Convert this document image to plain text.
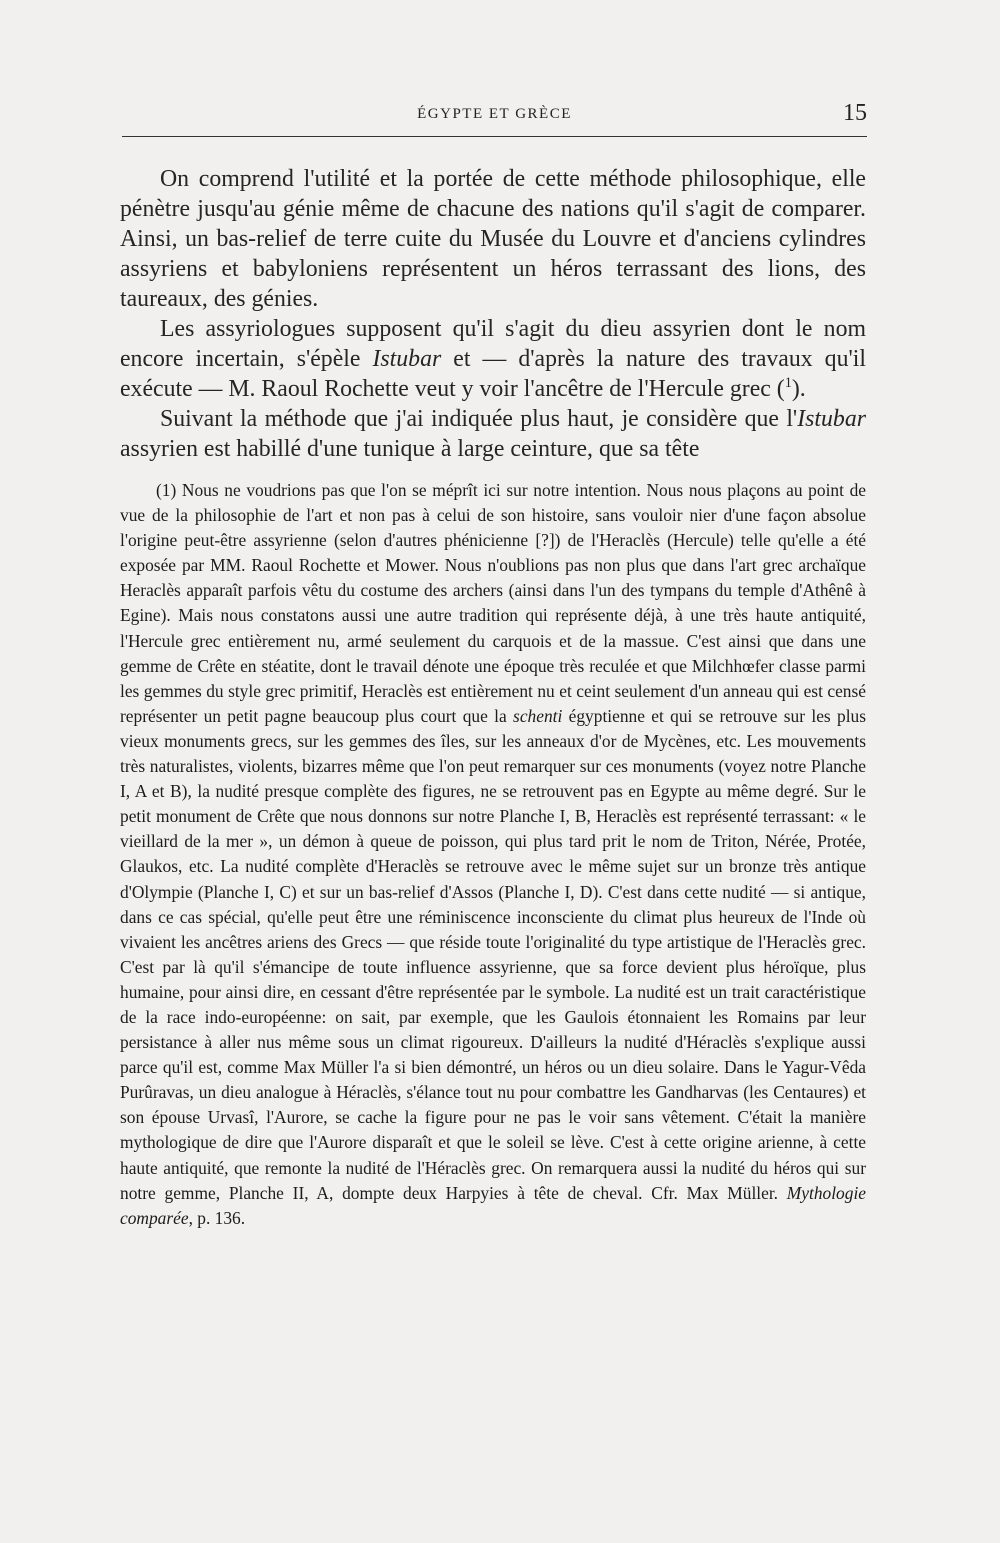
ÉGYPTE ET GRÈCE	15

On comprend l'utilité et la portée de cette méthode philosophique, elle pénètre jusqu'au génie même de chacune des nations qu'il s'agit de comparer. Ainsi, un bas-relief de terre cuite du Musée du Louvre et d'anciens cylindres assyriens et babyloniens représentent un héros terrassant des lions, des taureaux, des génies.

Les assyriologues supposent qu'il s'agit du dieu assyrien dont le nom encore incertain, s'épèle Istubar et — d'après la nature des travaux qu'il exécute — M. Raoul Rochette veut y voir l'ancêtre de l'Hercule grec ($^1$).

Suivant la méthode que j'ai indiquée plus haut, je considère que l'Istubar assyrien est habillé d'une tunique à large ceinture, que sa tête

(1) Nous ne voudrions pas que l'on se méprît ici sur notre intention. Nous nous plaçons au point de vue de la philosophie de l'art et non pas à celui de son histoire, sans vouloir nier d'une façon absolue l'origine peut-être assyrienne (selon d'autres phénicienne [?]) de l'Heraclès (Hercule) telle qu'elle a été exposée par MM. Raoul Rochette et Mower. Nous n'oublions pas non plus que dans l'art grec archaïque Heraclès apparaît parfois vêtu du costume des archers (ainsi dans l'un des tympans du temple d'Athênê à Egine). Mais nous constatons aussi une autre tradition qui représente déjà, à une très haute antiquité, l'Hercule grec entièrement nu, armé seulement du carquois et de la massue. C'est ainsi que dans une gemme de Crête en stéatite, dont le travail dénote une époque très reculée et que Milchhœfer classe parmi les gemmes du style grec primitif, Heraclès est entièrement nu et ceint seulement d'un anneau qui est censé représenter un petit pagne beaucoup plus court que la schenti égyptienne et qui se retrouve sur les plus vieux monuments grecs, sur les gemmes des îles, sur les anneaux d'or de Mycènes, etc. Les mouvements très naturalistes, violents, bizarres même que l'on peut remarquer sur ces monuments (voyez notre Planche I, A et B), la nudité presque complète des figures, ne se retrouvent pas en Egypte au même degré. Sur le petit monument de Crête que nous donnons sur notre Planche I, B, Heraclès est représenté terrassant: « le vieillard de la mer », un démon à queue de poisson, qui plus tard prit le nom de Triton, Nérée, Protée, Glaukos, etc. La nudité complète d'Heraclès se retrouve avec le même sujet sur un bronze très antique d'Olympie (Planche I, C) et sur un bas-relief d'Assos (Planche I, D). C'est dans cette nudité — si antique, dans ce cas spécial, qu'elle peut être une réminiscence inconsciente du climat plus heureux de l'Inde où vivaient les ancêtres ariens des Grecs — que réside toute l'originalité du type artistique de l'Heraclès grec. C'est par là qu'il s'émancipe de toute influence assyrienne, que sa force devient plus héroïque, plus humaine, pour ainsi dire, en cessant d'être représentée par le symbole. La nudité est un trait caractéristique de la race indo-européenne: on sait, par exemple, que les Gaulois étonnaient les Romains par leur persistance à aller nus même sous un climat rigoureux. D'ailleurs la nudité d'Héraclès s'explique aussi parce qu'il est, comme Max Müller l'a si bien démontré, un héros ou un dieu solaire. Dans le Yagur-Vêda Purûravas, un dieu analogue à Héraclès, s'élance tout nu pour combattre les Gandharvas (les Centaures) et son épouse Urvasî, l'Aurore, se cache la figure pour ne pas le voir sans vêtement. C'était la manière mythologique de dire que l'Aurore disparaît et que le soleil se lève. C'est à cette origine arienne, à cette haute antiquité, que remonte la nudité de l'Héraclès grec. On remarquera aussi la nudité du héros qui sur notre gemme, Planche II, A, dompte deux Harpyies à tête de cheval. Cfr. Max Müller. Mythologie comparée, p. 136.
